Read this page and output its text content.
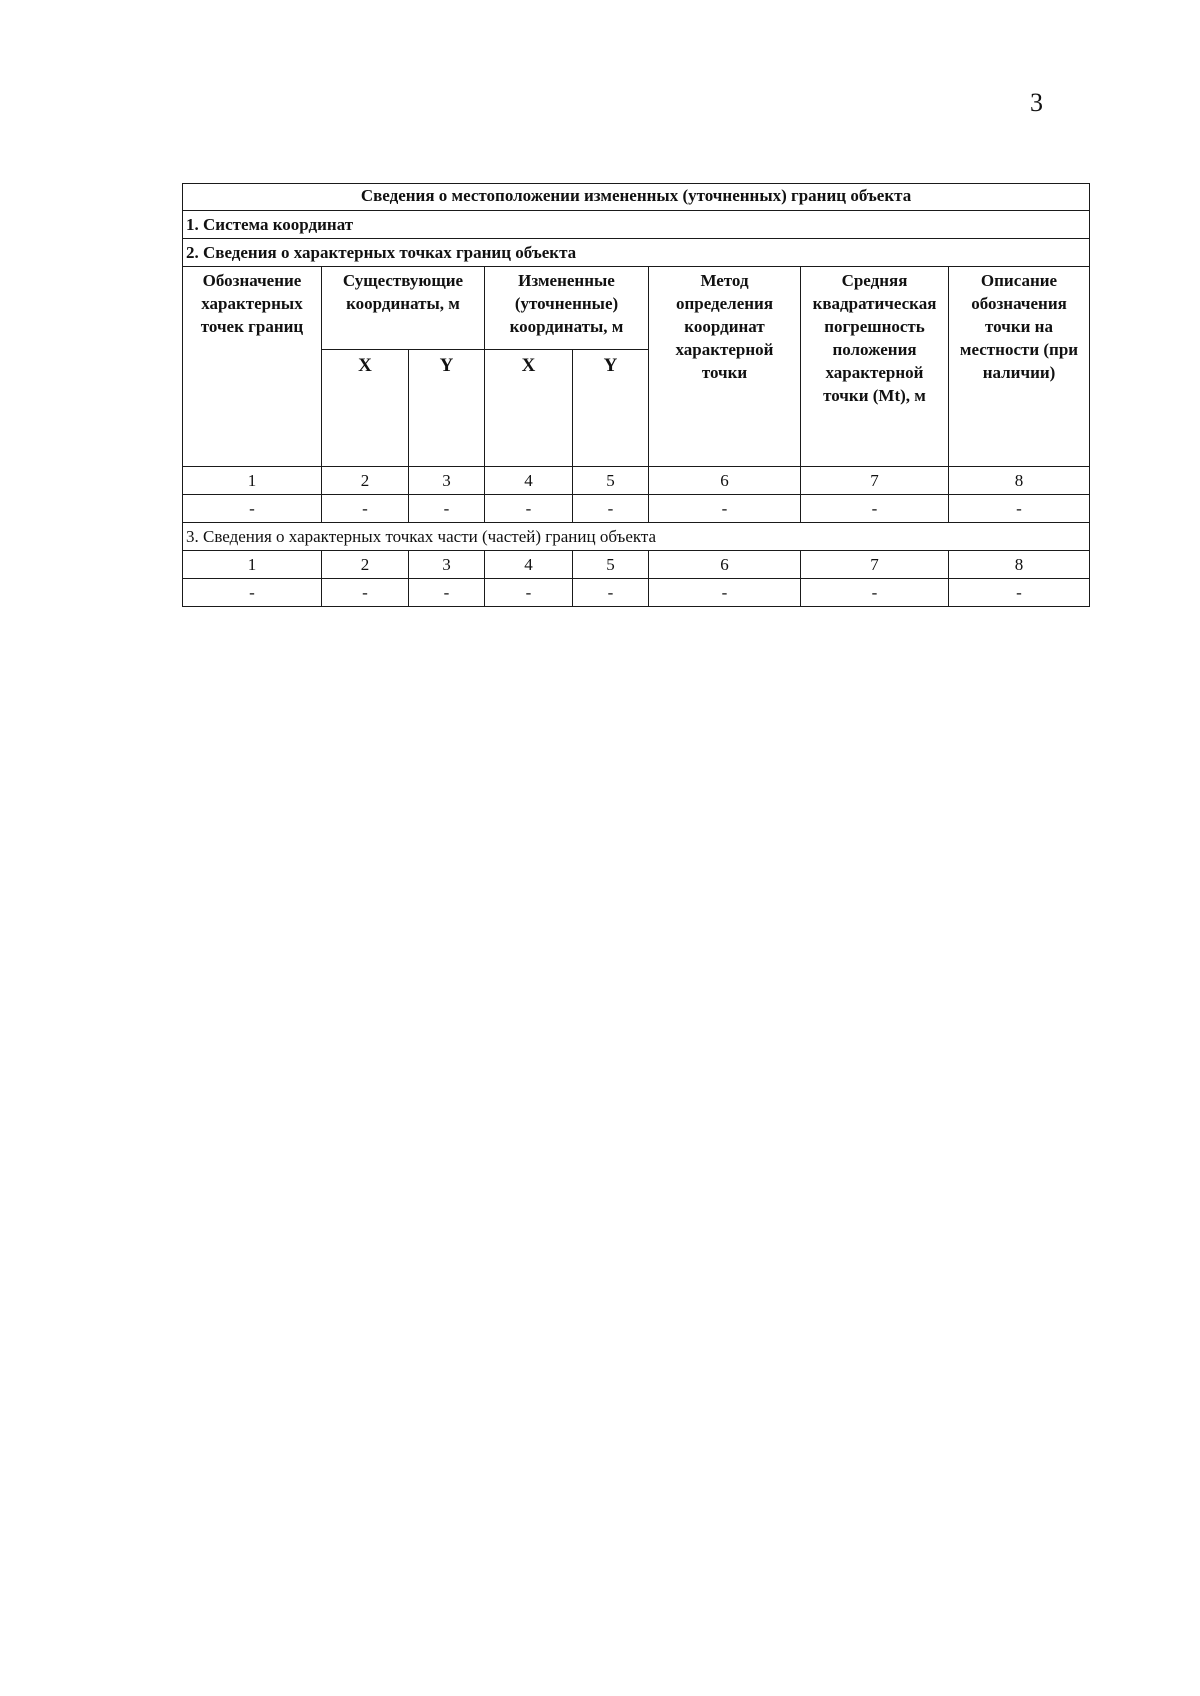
3
Сведения о местоположении измененных (уточненных) границ объекта							
1. Система координат							
2. Сведения о характерных точках границ объекта							
Обозначение характерных точек границ	Существующие координаты, м		Измененные (уточненные) координаты, м		Метод определения координат характерной точки	Средняя квадратическая погрешность положения характерной точки (Mt), м	Описание обозначения точки на местности (при наличии)
	X	Y	X	Y			
1	2	3	4	5	6	7	8
-	-	-	-	-	-	-	-
3. Сведения о характерных точках части (частей) границ объекта							
1	2	3	4	5	6	7	8
-	-	-	-	-	-	-	-
